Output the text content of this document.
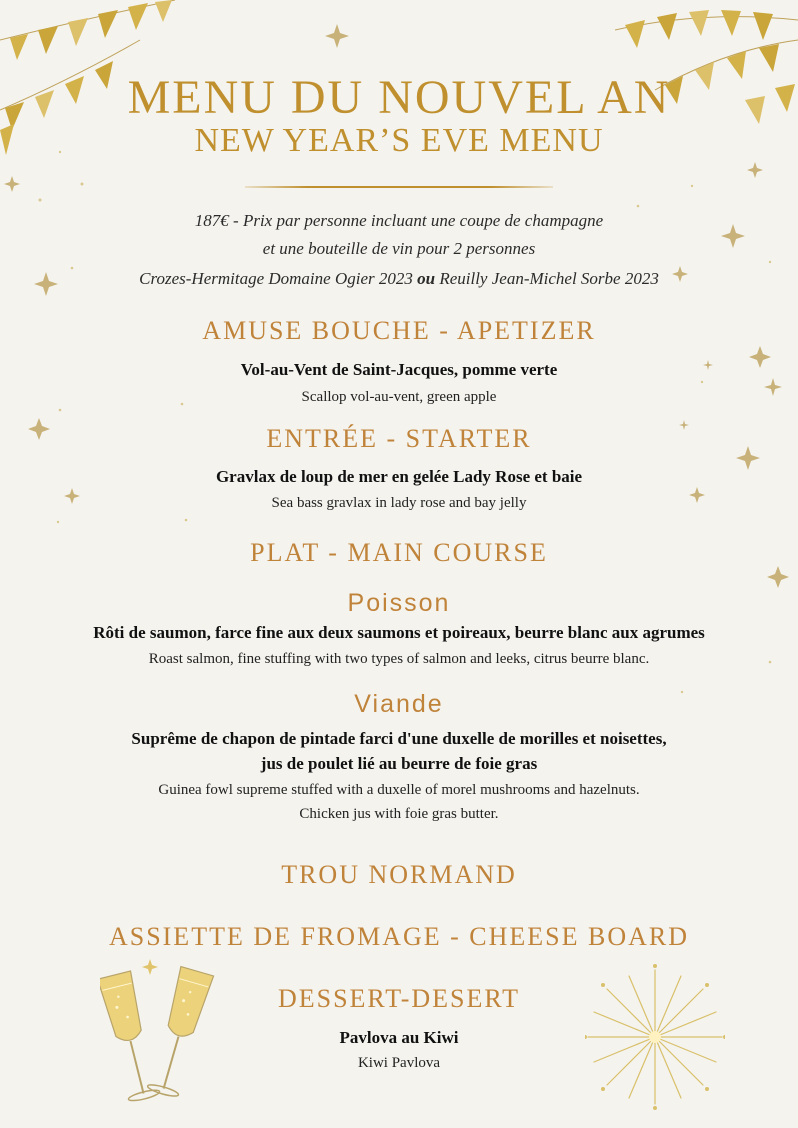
MENU DU NOUVEL AN
NEW YEAR’S EVE MENU
187€ - Prix par personne incluant une coupe de champagne
et une bouteille de vin pour 2 personnes
Crozes-Hermitage Domaine Ogier 2023 ou Reuilly Jean-Michel Sorbe 2023
AMUSE BOUCHE - APETIZER
Vol-au-Vent de Saint-Jacques, pomme verte
Scallop vol-au-vent, green apple
ENTRÉE - STARTER
Gravlax de loup de mer en gelée Lady Rose et baie
Sea bass gravlax in lady rose and bay jelly
PLAT - MAIN COURSE
Poisson
Rôti de saumon, farce fine aux deux saumons et poireaux, beurre blanc aux agrumes
Roast salmon, fine stuffing with two types of salmon and leeks, citrus beurre blanc.
Viande
Suprême de chapon de pintade farci d'une duxelle de morilles et noisettes,
jus de poulet lié au beurre de foie gras
Guinea fowl supreme stuffed with a duxelle of morel mushrooms and hazelnuts.
Chicken jus with foie gras butter.
TROU NORMAND
ASSIETTE DE FROMAGE - CHEESE BOARD
DESSERT-DESERT
Pavlova au Kiwi
Kiwi Pavlova
